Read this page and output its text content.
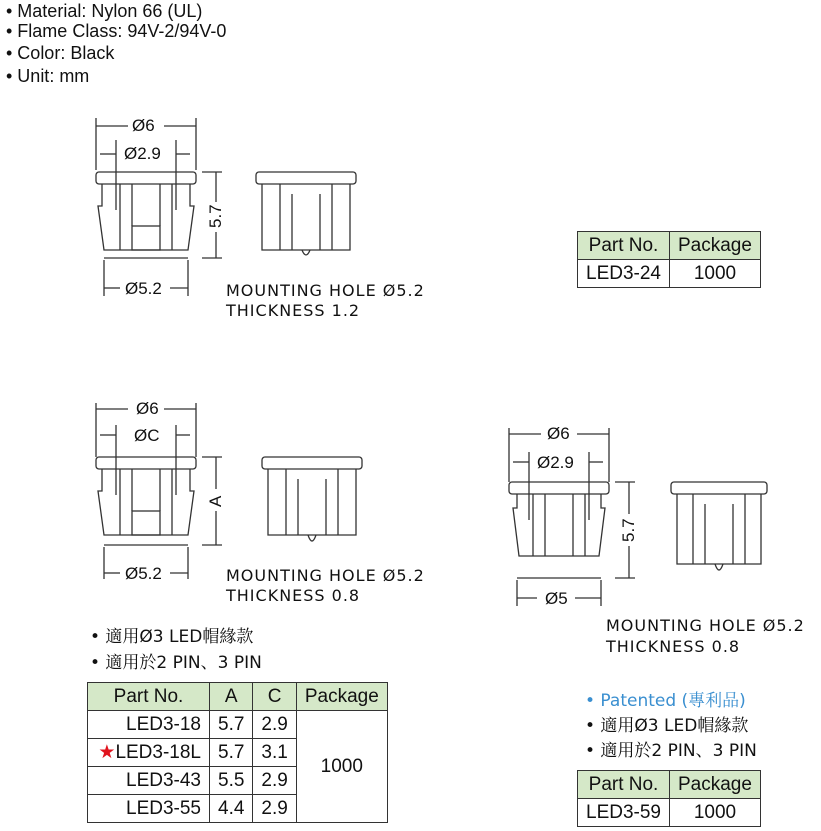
• Material: Nylon 66 (UL)
• Flame Class: 94V-2/94V-0
• Color: Black
• Unit: mm
Ø6
Ø2.9
Ø5.2
5.7
MOUNTING HOLE Ø5.2
THICKNESS 1.2
Part No.	Package
LED3-24	1000
Ø6
ØC
Ø5.2
A
MOUNTING HOLE Ø5.2
THICKNESS 0.8
• 適用Ø3 LED帽緣款
• 適用於2 PIN、3 PIN
Part No.	A	C	Package
LED3-18	5.7	2.9	1000
★LED3-18L	5.7	3.1	
LED3-43	5.5	2.9	
LED3-55	4.4	2.9	
Ø6
Ø2.9
Ø5
5.7
MOUNTING HOLE Ø5.2
THICKNESS 0.8
• Patented (專利品)
• 適用Ø3 LED帽緣款
• 適用於2 PIN、3 PIN
Part No.	Package
LED3-59	1000
